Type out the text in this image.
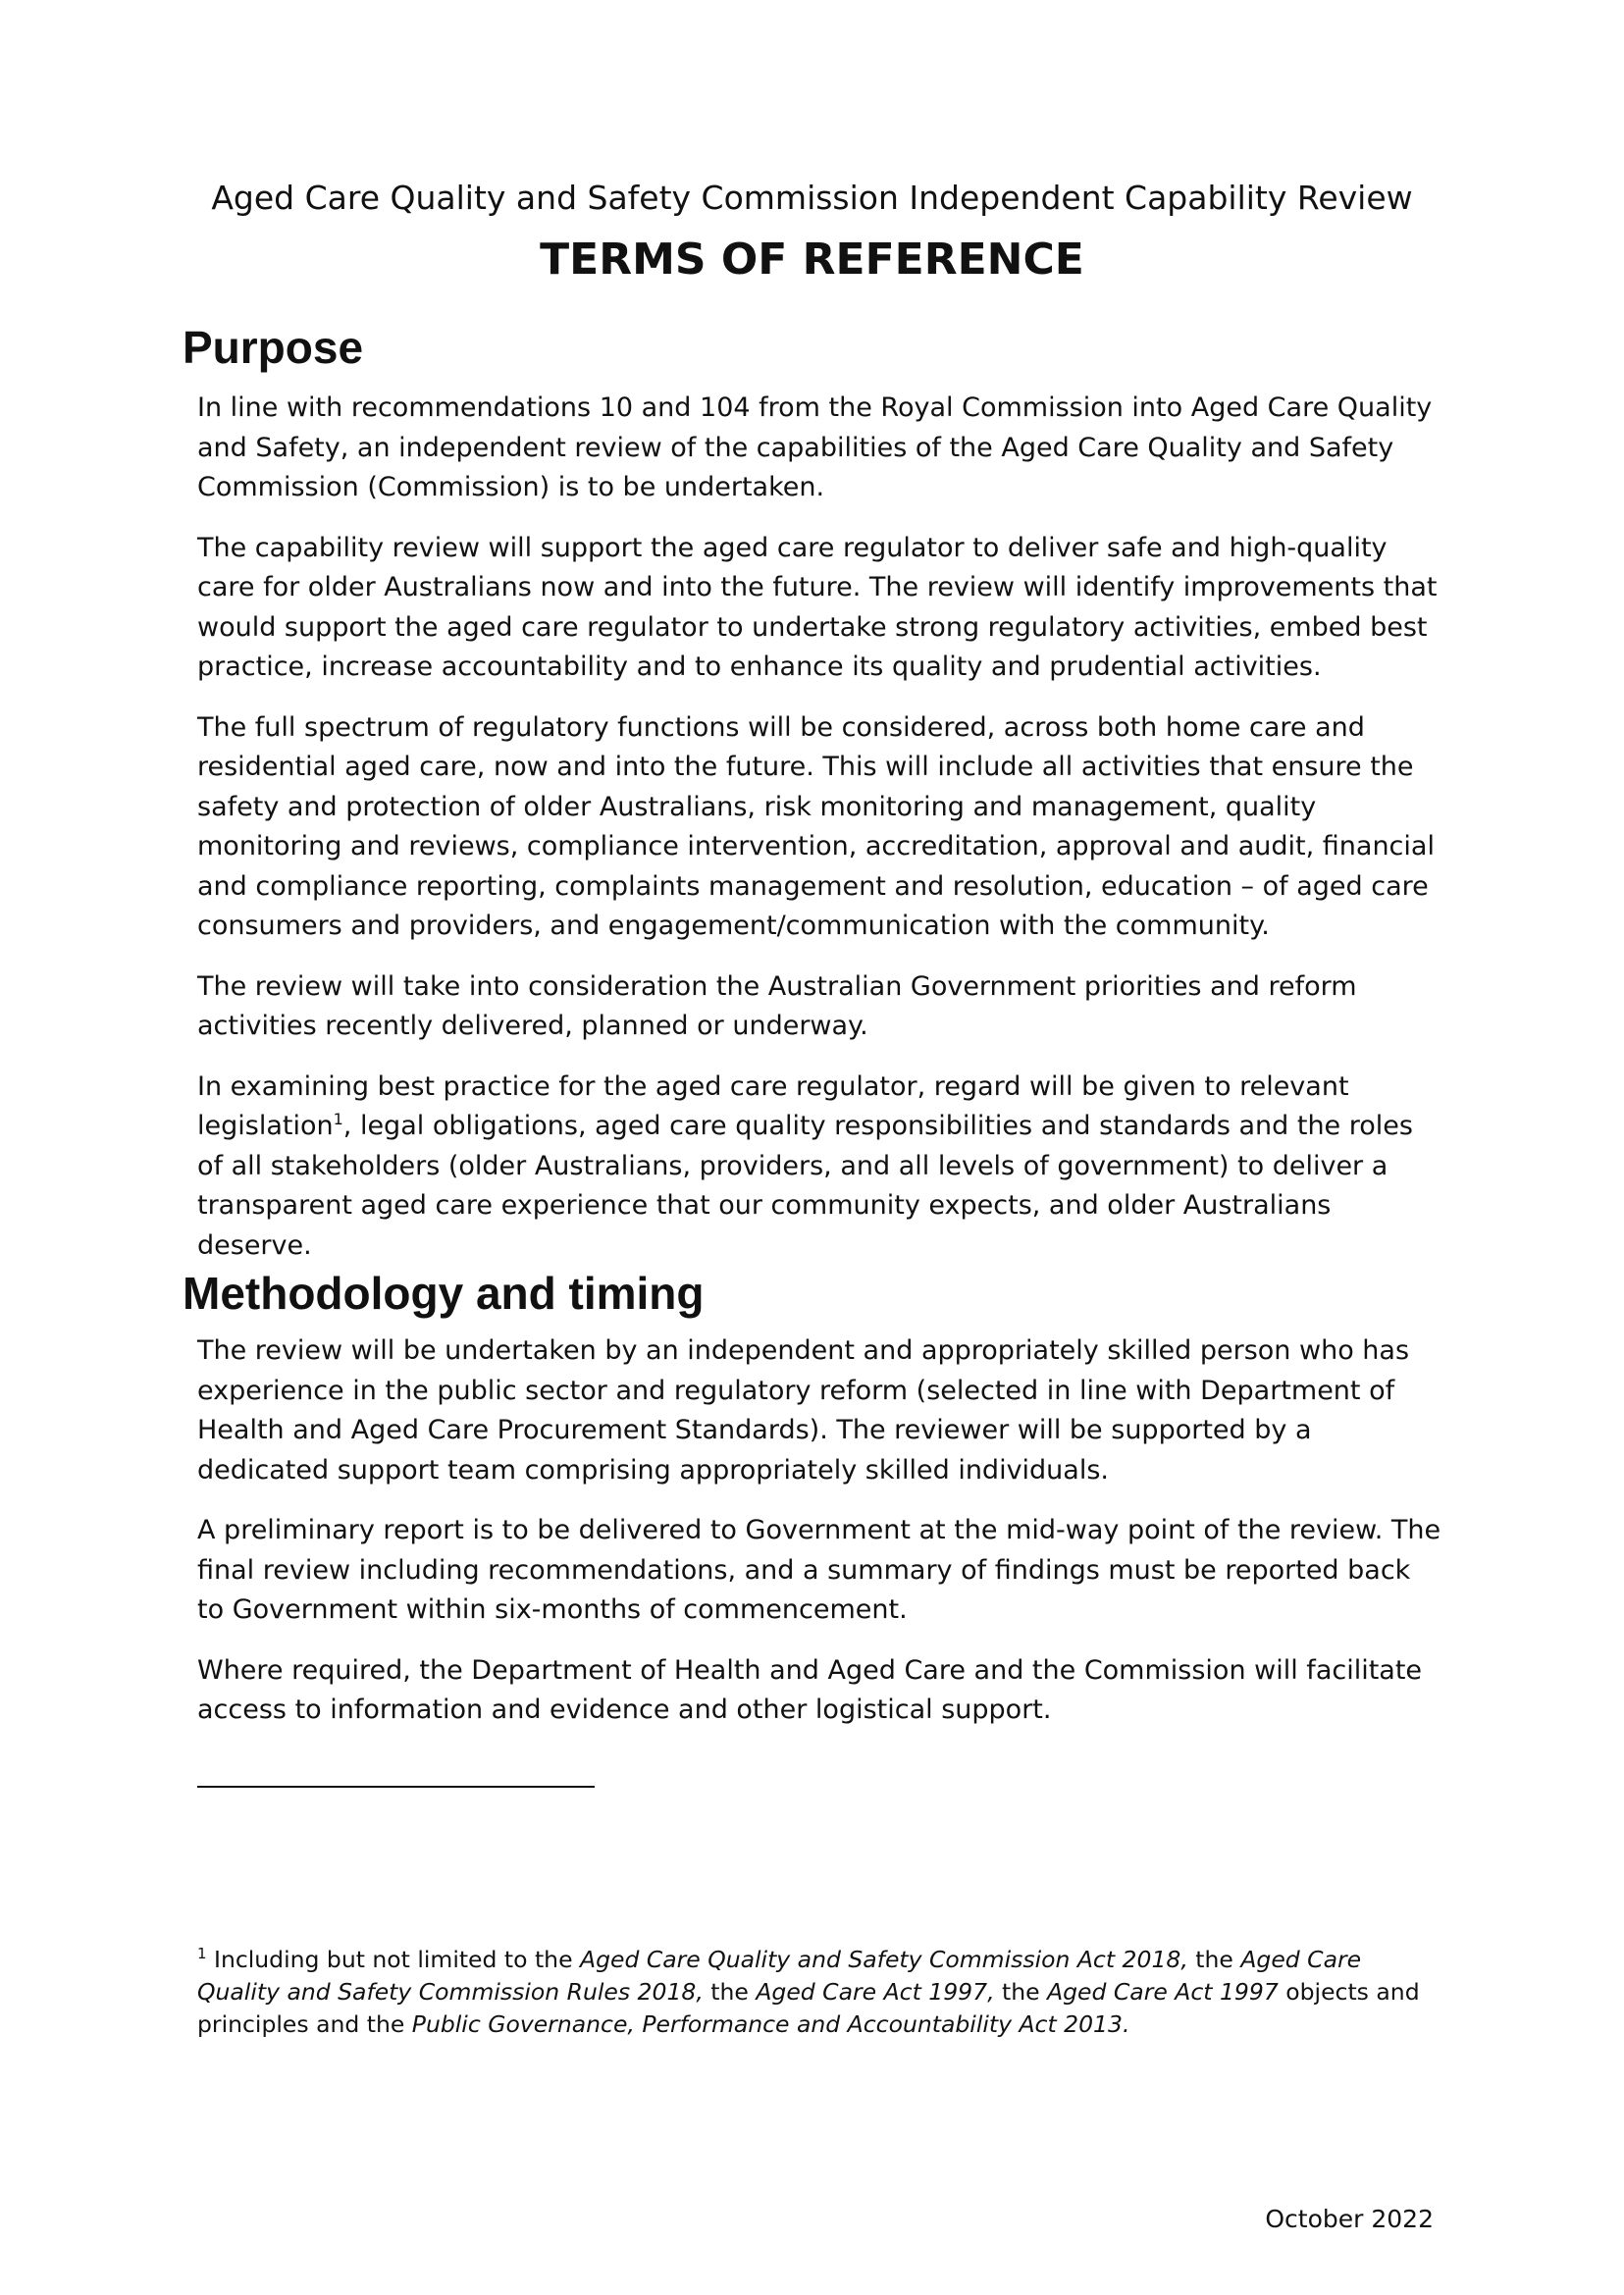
Aged Care Quality and Safety Commission Independent Capability Review
TERMS OF REFERENCE
Purpose

In line with recommendations 10 and 104 from the Royal Commission into Aged Care Quality and Safety, an independent review of the capabilities of the Aged Care Quality and Safety Commission (Commission) is to be undertaken.

The capability review will support the aged care regulator to deliver safe and high-quality care for older Australians now and into the future. The review will identify improvements that would support the aged care regulator to undertake strong regulatory activities, embed best practice, increase accountability and to enhance its quality and prudential activities.

The full spectrum of regulatory functions will be considered, across both home care and residential aged care, now and into the future. This will include all activities that ensure the safety and protection of older Australians, risk monitoring and management, quality monitoring and reviews, compliance intervention, accreditation, approval and audit, financial and compliance reporting, complaints management and resolution, education – of aged care consumers and providers, and engagement/communication with the community.

The review will take into consideration the Australian Government priorities and reform activities recently delivered, planned or underway.

In examining best practice for the aged care regulator, regard will be given to relevant legislation$^1$, legal obligations, aged care quality responsibilities and standards and the roles of all stakeholders (older Australians, providers, and all levels of government) to deliver a transparent aged care experience that our community expects, and older Australians deserve.

Methodology and timing

The review will be undertaken by an independent and appropriately skilled person who has experience in the public sector and regulatory reform (selected in line with Department of Health and Aged Care Procurement Standards). The reviewer will be supported by a dedicated support team comprising appropriately skilled individuals.

A preliminary report is to be delivered to Government at the mid-way point of the review. The final review including recommendations, and a summary of findings must be reported back to Government within six-months of commencement.

Where required, the Department of Health and Aged Care and the Commission will facilitate access to information and evidence and other logistical support.

$^1$ Including but not limited to the Aged Care Quality and Safety Commission Act 2018, the Aged Care Quality and Safety Commission Rules 2018, the Aged Care Act 1997, the Aged Care Act 1997 objects and principles and the Public Governance, Performance and Accountability Act 2013.

October 2022
